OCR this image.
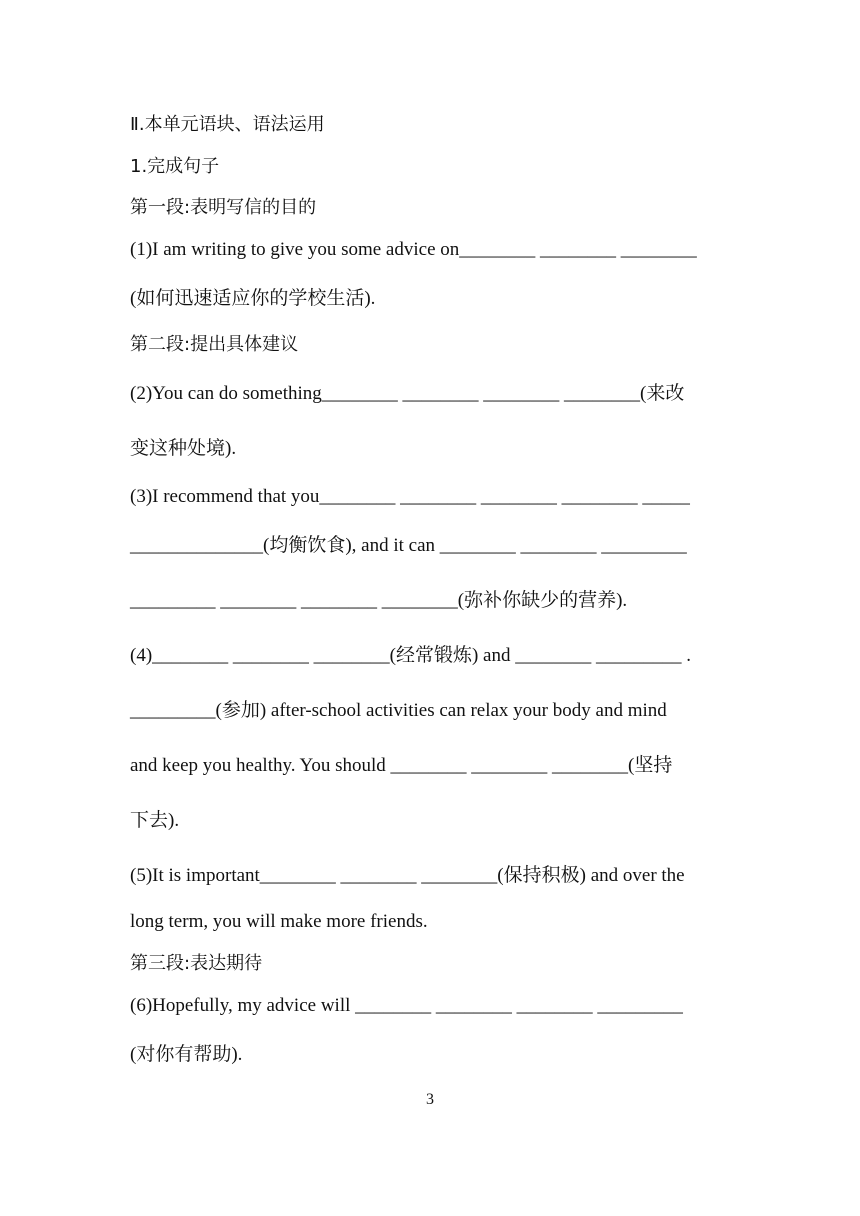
Ⅱ.本单元语块、语法运用
1.完成句子
第一段:表明写信的目的
(1)I am writing to give you some advice on________ ________ ________
(如何迅速适应你的学校生活).
第二段:提出具体建议
(2)You can do something________ ________ ________ ________(来改
变这种处境).
(3)I recommend that you________ ________ ________ ________ _____
______________(均衡饮食), and it can ________ ________ _________
_________ ________ ________ ________(弥补你缺少的营养).
(4)________ ________ ________(经常锻炼) and ________ _________ .
_________(参加) after-school activities can relax your body and mind
and keep you healthy. You should ________ ________ ________(坚持
下去).
(5)It is important________ ________ ________(保持积极) and over the
long term, you will make more friends.
第三段:表达期待
(6)Hopefully, my advice will ________ ________ ________ _________
(对你有帮助).
3
